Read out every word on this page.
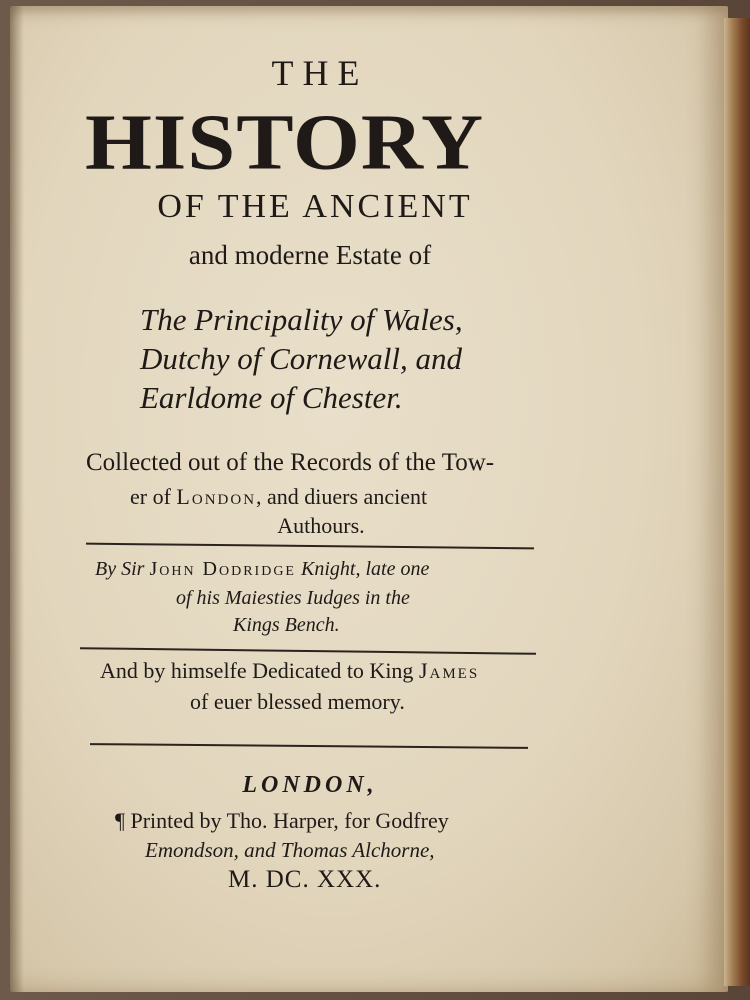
THE
HISTORY
OF THE ANCIENT
and moderne Estate of
The Principality of Wales,
Dutchy of Cornewall, and
Earldome of Chester.
Collected out of the Records of the Tow-
er of London, and diuers ancient
Authours.
By Sir John Dodridge Knight, late one
of his Maiesties Iudges in the
Kings Bench.
And by himselfe Dedicated to King James
of euer blessed memory.
LONDON,
¶ Printed by Tho. Harper, for Godfrey
Emondson, and Thomas Alchorne,
M. DC. XXX.
